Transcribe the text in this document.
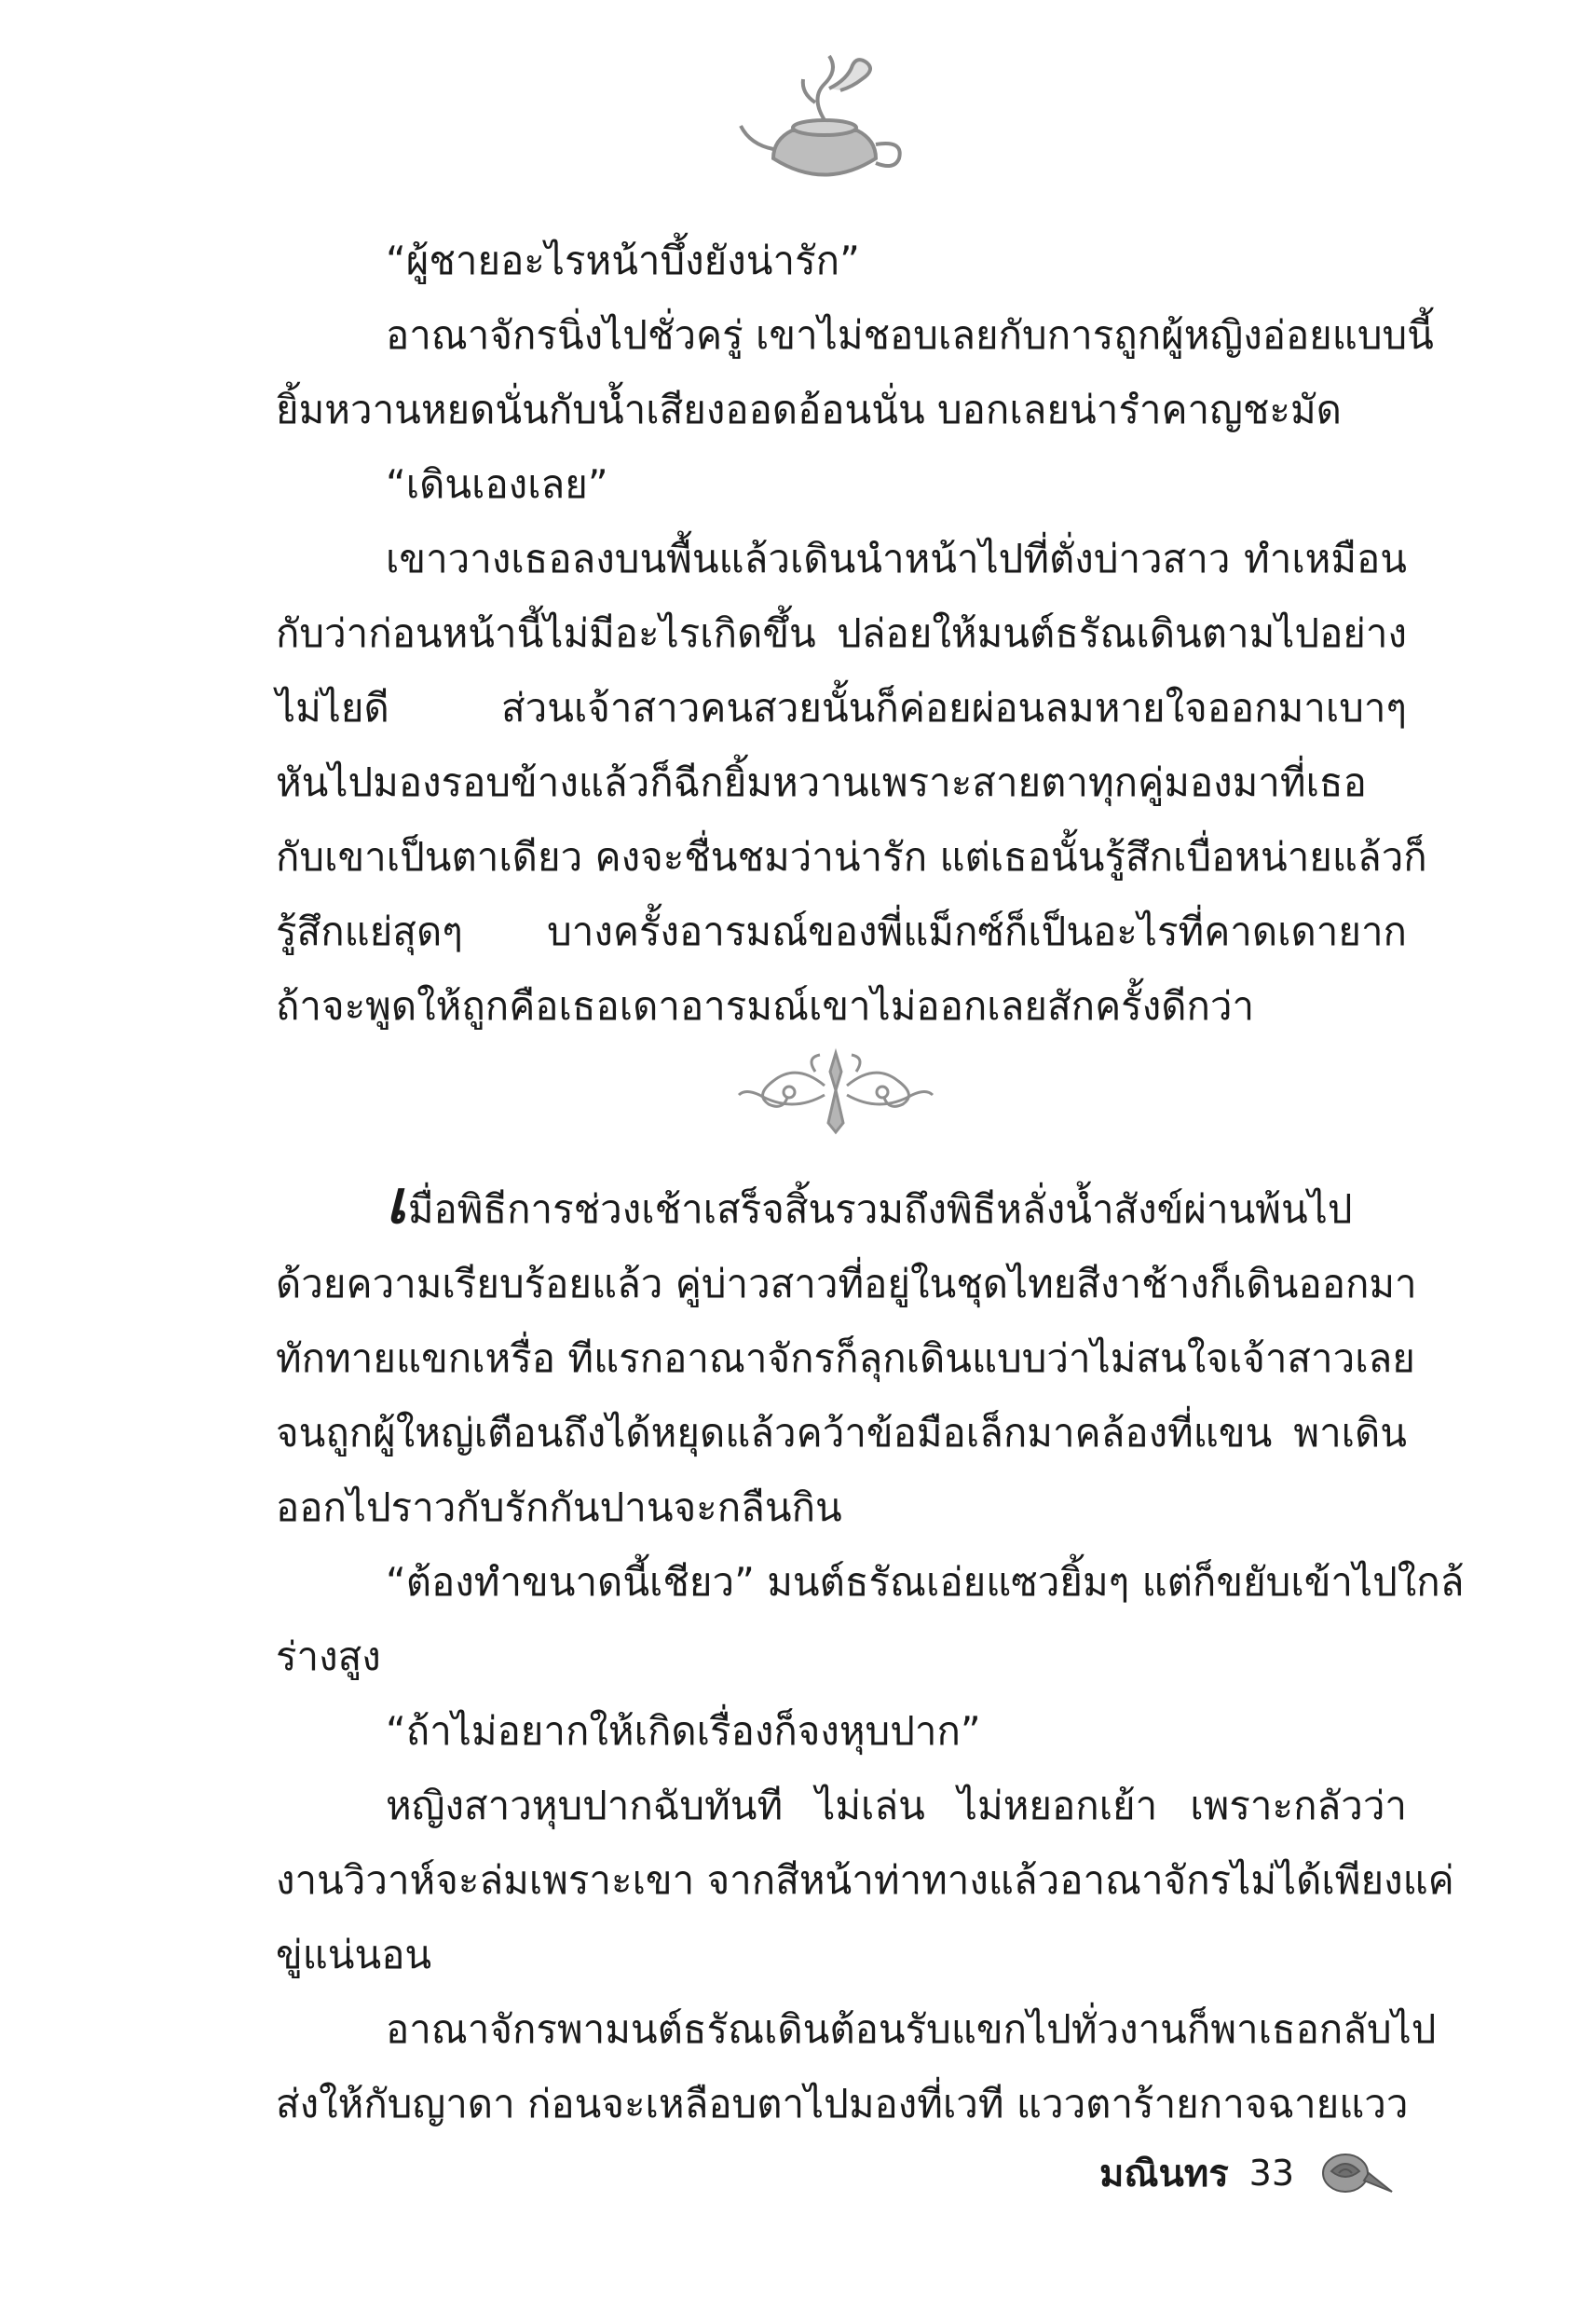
“ผู้ชายอะไรหน้าบึ้งยังน่ารัก”
อาณาจักรนิ่งไปชั่วครู่ เขาไม่ชอบเลยกับการถูกผู้หญิงอ่อยแบบนี้
ยิ้มหวานหยดนั่นกับน้ำเสียงออดอ้อนนั่น บอกเลยน่ารำคาญชะมัด
“เดินเองเลย”
เขาวางเธอลงบนพื้นแล้วเดินนำหน้าไปที่ตั่งบ่าวสาว ทำเหมือน
กับว่าก่อนหน้านี้ไม่มีอะไรเกิดขึ้น ปล่อยให้มนต์ธรัณเดินตามไปอย่าง
ไม่ไยดี ส่วนเจ้าสาวคนสวยนั้นก็ค่อยผ่อนลมหายใจออกมาเบาๆ
หันไปมองรอบข้างแล้วก็ฉีกยิ้มหวานเพราะสายตาทุกคู่มองมาที่เธอ
กับเขาเป็นตาเดียว คงจะชื่นชมว่าน่ารัก แต่เธอนั้นรู้สึกเบื่อหน่ายแล้วก็
รู้สึกแย่สุดๆ บางครั้งอารมณ์ของพี่แม็กซ์ก็เป็นอะไรที่คาดเดายาก
ถ้าจะพูดให้ถูกคือเธอเดาอารมณ์เขาไม่ออกเลยสักครั้งดีกว่า
เมื่อพิธีการช่วงเช้าเสร็จสิ้นรวมถึงพิธีหลั่งน้ำสังข์ผ่านพ้นไป
ด้วยความเรียบร้อยแล้ว คู่บ่าวสาวที่อยู่ในชุดไทยสีงาช้างก็เดินออกมา
ทักทายแขกเหรื่อ ทีแรกอาณาจักรก็ลุกเดินแบบว่าไม่สนใจเจ้าสาวเลย
จนถูกผู้ใหญ่เตือนถึงได้หยุดแล้วคว้าข้อมือเล็กมาคล้องที่แขน พาเดิน
ออกไปราวกับรักกันปานจะกลืนกิน
“ต้องทำขนาดนี้เชียว” มนต์ธรัณเอ่ยแซวยิ้มๆ แต่ก็ขยับเข้าไปใกล้
ร่างสูง
“ถ้าไม่อยากให้เกิดเรื่องก็จงหุบปาก”
หญิงสาวหุบปากฉับทันที ไม่เล่น ไม่หยอกเย้า เพราะกลัวว่า
งานวิวาห์จะล่มเพราะเขา จากสีหน้าท่าทางแล้วอาณาจักรไม่ได้เพียงแค่
ขู่แน่นอน
อาณาจักรพามนต์ธรัณเดินต้อนรับแขกไปทั่วงานก็พาเธอกลับไป
ส่งให้กับญาดา ก่อนจะเหลือบตาไปมองที่เวที แววตาร้ายกาจฉายแวว
มณินทร 33
